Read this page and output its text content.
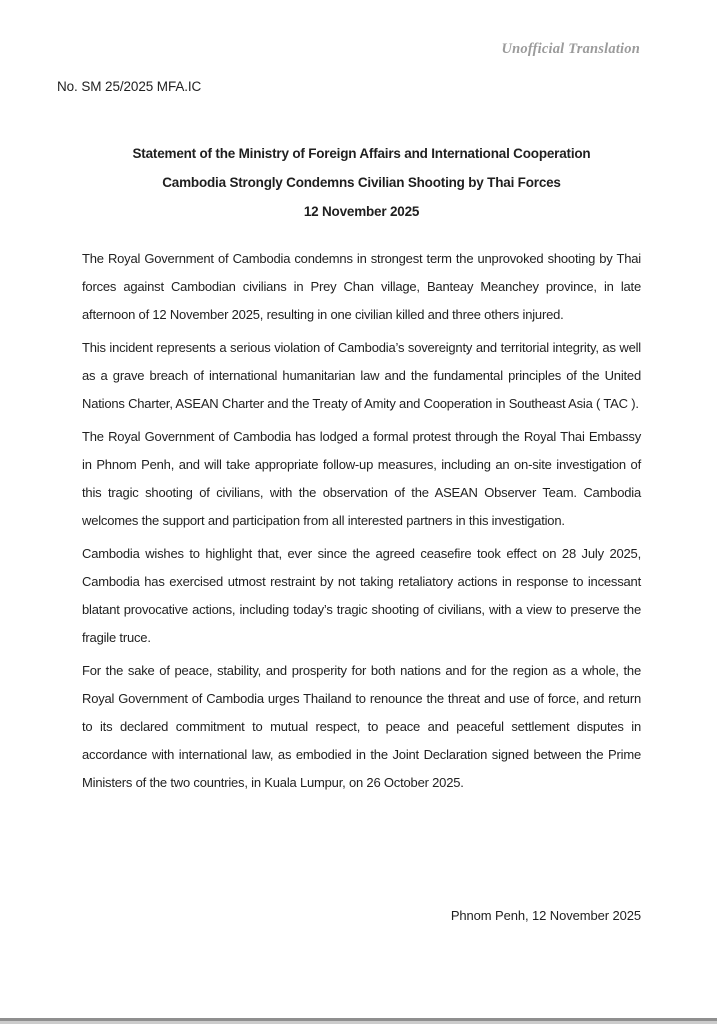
Unofficial Translation
No. SM 25/2025 MFA.IC
Statement of the Ministry of Foreign Affairs and International Cooperation
Cambodia Strongly Condemns Civilian Shooting by Thai Forces
12 November 2025

The Royal Government of Cambodia condemns in strongest term the unprovoked shooting by Thai forces against Cambodian civilians in Prey Chan village, Banteay Meanchey province, in late afternoon of 12 November 2025, resulting in one civilian killed and three others injured.

This incident represents a serious violation of Cambodia’s sovereignty and territorial integrity, as well as a grave breach of international humanitarian law and the fundamental principles of the United Nations Charter, ASEAN Charter and the Treaty of Amity and Cooperation in Southeast Asia ( TAC ).

The Royal Government of Cambodia has lodged a formal protest through the Royal Thai Embassy in Phnom Penh, and will take appropriate follow-up measures, including an on-site investigation of this tragic shooting of civilians, with the observation of the ASEAN Observer Team. Cambodia welcomes the support and participation from all interested partners in this investigation.

Cambodia wishes to highlight that, ever since the agreed ceasefire took effect on 28 July 2025, Cambodia has exercised utmost restraint by not taking retaliatory actions in response to incessant blatant provocative actions, including today’s tragic shooting of civilians, with a view to preserve the fragile truce.

For the sake of peace, stability, and prosperity for both nations and for the region as a whole, the Royal Government of Cambodia urges Thailand to renounce the threat and use of force, and return to its declared commitment to mutual respect, to peace and peaceful settlement disputes in accordance with international law, as embodied in the Joint Declaration signed between the Prime Ministers of the two countries, in Kuala Lumpur, on 26 October 2025.

Phnom Penh, 12 November 2025
